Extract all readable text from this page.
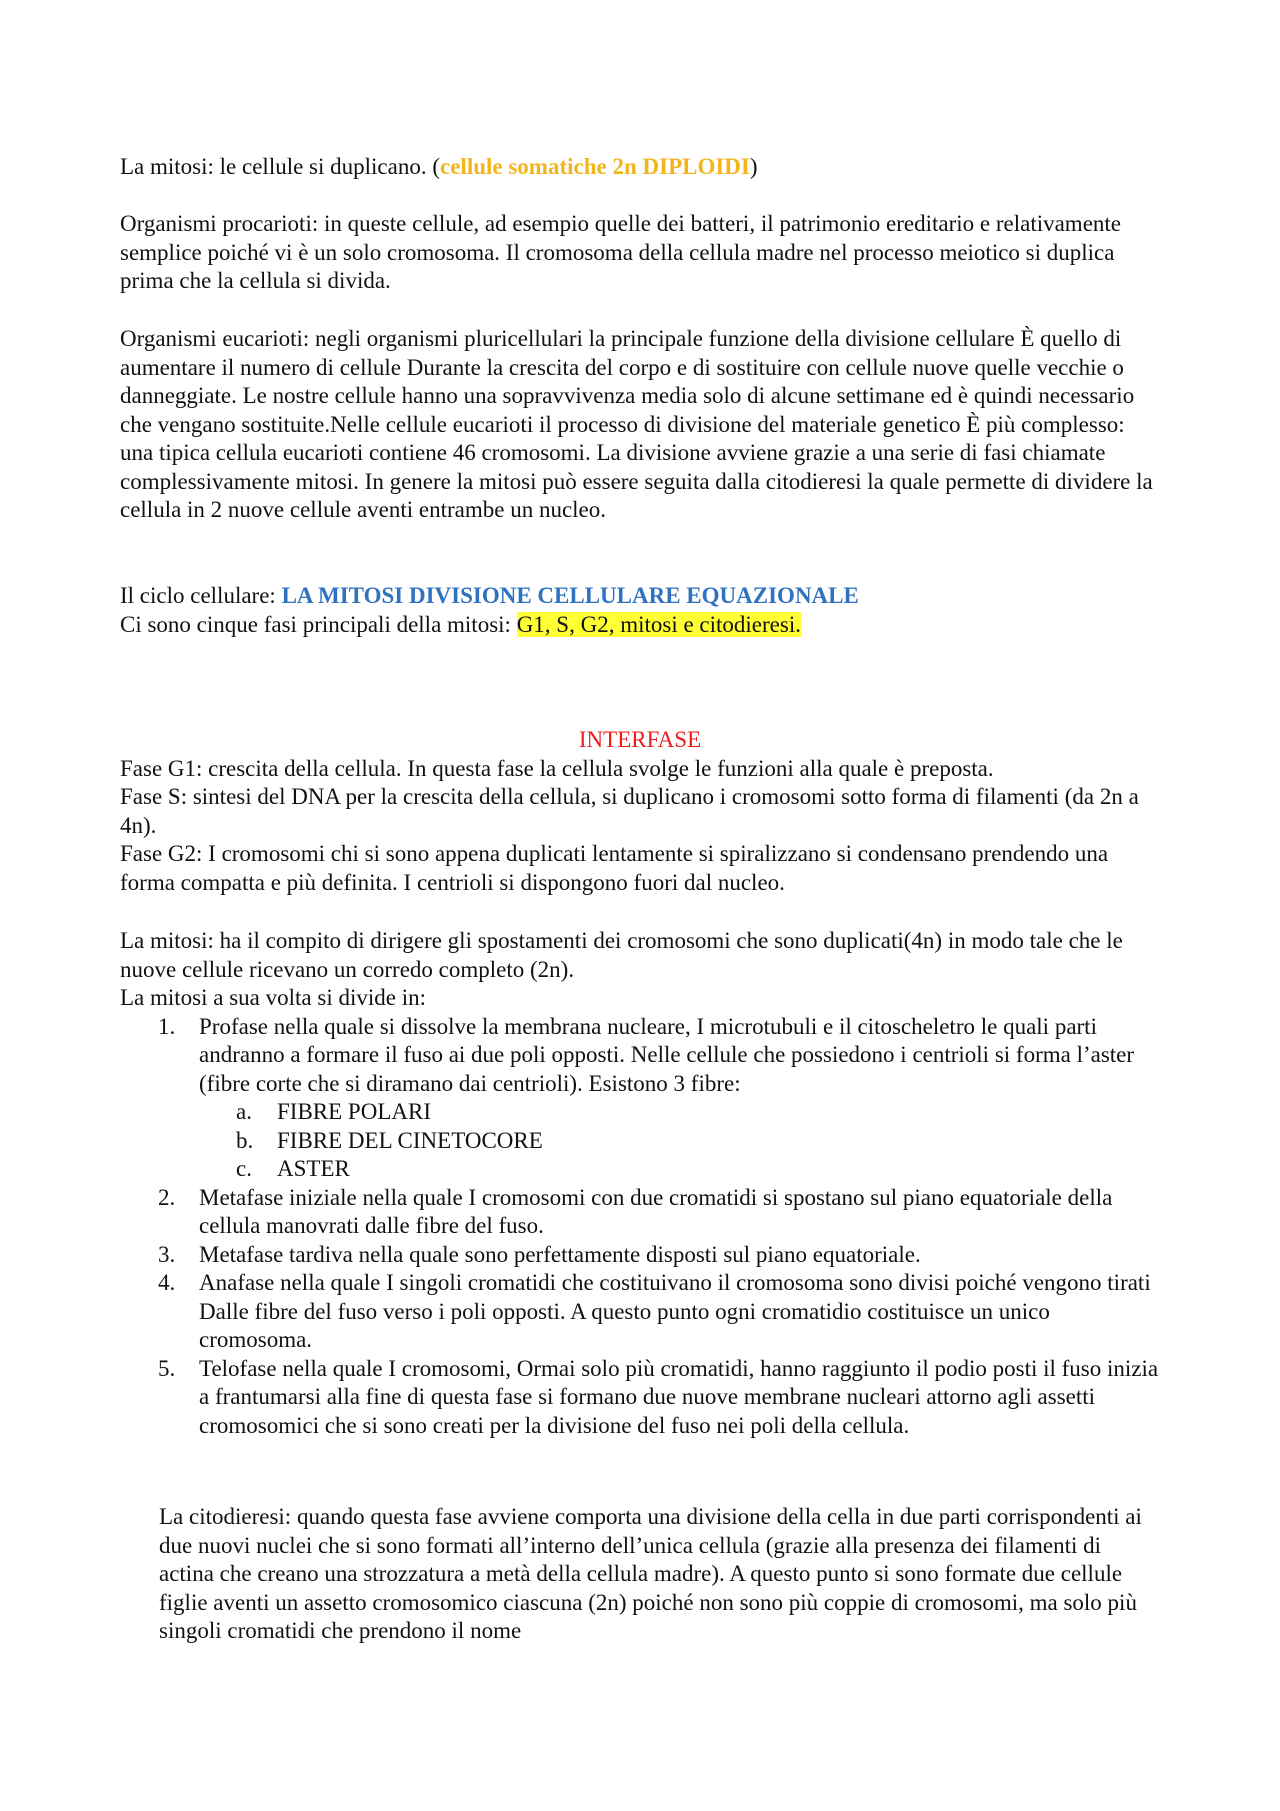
La mitosi: le cellule si duplicano. (cellule somatiche 2n DIPLOIDI)

Organismi procarioti: in queste cellule, ad esempio quelle dei batteri, il patrimonio ereditario e relativamente semplice poiché vi è un solo cromosoma. Il cromosoma della cellula madre nel processo meiotico si duplica prima che la cellula si divida.

Organismi eucarioti: negli organismi pluricellulari la principale funzione della divisione cellulare È quello di aumentare il numero di cellule Durante la crescita del corpo e di sostituire con cellule nuove quelle vecchie o danneggiate. Le nostre cellule hanno una sopravvivenza media solo di alcune settimane ed è quindi necessario che vengano sostituite.Nelle cellule eucarioti il processo di divisione del materiale genetico È più complesso: una tipica cellula eucarioti contiene 46 cromosomi. La divisione avviene grazie a una serie di fasi chiamate complessivamente mitosi. In genere la mitosi può essere seguita dalla citodieresi la quale permette di dividere la cellula in 2 nuove cellule aventi entrambe un nucleo.

Il ciclo cellulare: LA MITOSI DIVISIONE CELLULARE EQUAZIONALE

Ci sono cinque fasi principali della mitosi: G1, S, G2, mitosi e citodieresi.

INTERFASE

Fase G1: crescita della cellula. In questa fase la cellula svolge le funzioni alla quale è preposta.

Fase S: sintesi del DNA per la crescita della cellula, si duplicano i cromosomi sotto forma di filamenti (da 2n a 4n).

Fase G2: I cromosomi chi si sono appena duplicati lentamente si spiralizzano si condensano prendendo una forma compatta e più definita. I centrioli si dispongono fuori dal nucleo.

La mitosi: ha il compito di dirigere gli spostamenti dei cromosomi che sono duplicati(4n) in modo tale che le nuove cellule ricevano un corredo completo (2n).

La mitosi a sua volta si divide in:

1. Profase nella quale si dissolve la membrana nucleare, I microtubuli e il citoscheletro le quali parti andranno a formare il fuso ai due poli opposti. Nelle cellule che possiedono i centrioli si forma l’aster (fibre corte che si diramano dai centrioli). Esistono 3 fibre:
a. FIBRE POLARI
b. FIBRE DEL CINETOCORE
c. ASTER
2. Metafase iniziale nella quale I cromosomi con due cromatidi si spostano sul piano equatoriale della cellula manovrati dalle fibre del fuso.
3. Metafase tardiva nella quale sono perfettamente disposti sul piano equatoriale.
4. Anafase nella quale I singoli cromatidi che costituivano il cromosoma sono divisi poiché vengono tirati Dalle fibre del fuso verso i poli opposti. A questo punto ogni cromatidio costituisce un unico cromosoma.
5. Telofase nella quale I cromosomi, Ormai solo più cromatidi, hanno raggiunto il podio posti il fuso inizia a frantumarsi alla fine di questa fase si formano due nuove membrane nucleari attorno agli assetti cromosomici che si sono creati per la divisione del fuso nei poli della cellula.

La citodieresi: quando questa fase avviene comporta una divisione della cella in due parti corrispondenti ai due nuovi nuclei che si sono formati all’interno dell’unica cellula (grazie alla presenza dei filamenti di actina che creano una strozzatura a metà della cellula madre). A questo punto si sono formate due cellule figlie aventi un assetto cromosomico ciascuna (2n) poiché non sono più coppie di cromosomi, ma solo più singoli cromatidi che prendono il nome
